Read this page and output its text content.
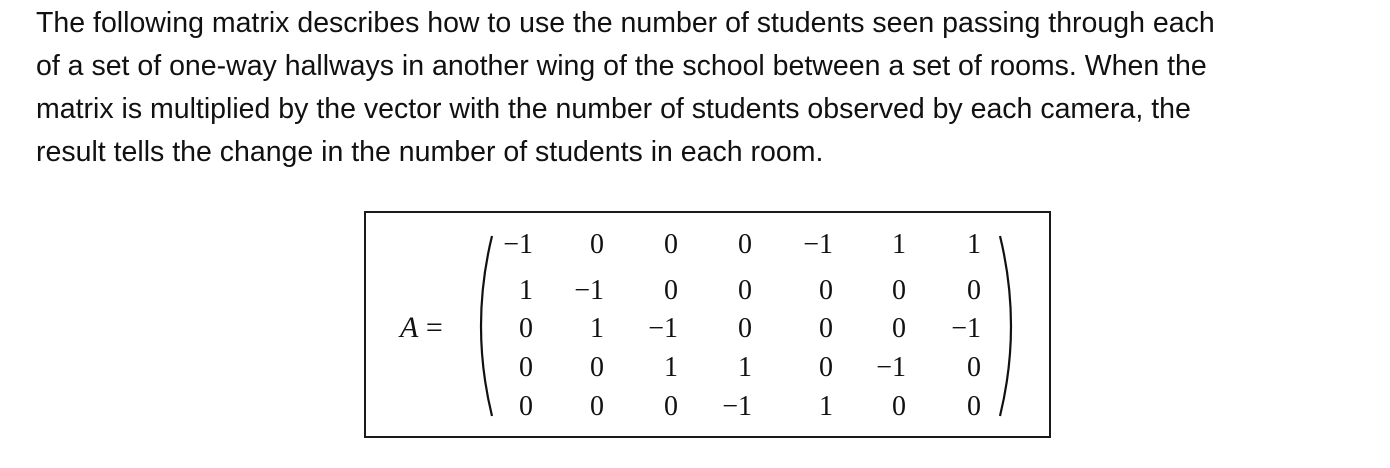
The following matrix describes how to use the number of students seen passing through each
of a set of one-way hallways in another wing of the school between a set of rooms. When the
matrix is multiplied by the vector with the number of students observed by each camera, the
result tells the change in the number of students in each room.
A =
−1 0 0 0 −1 1 1
1 −1 0 0 0 0 0
0 1 −1 0 0 0 −1
0 0 1 1 0 −1 0
0 0 0 −1 1 0 0
